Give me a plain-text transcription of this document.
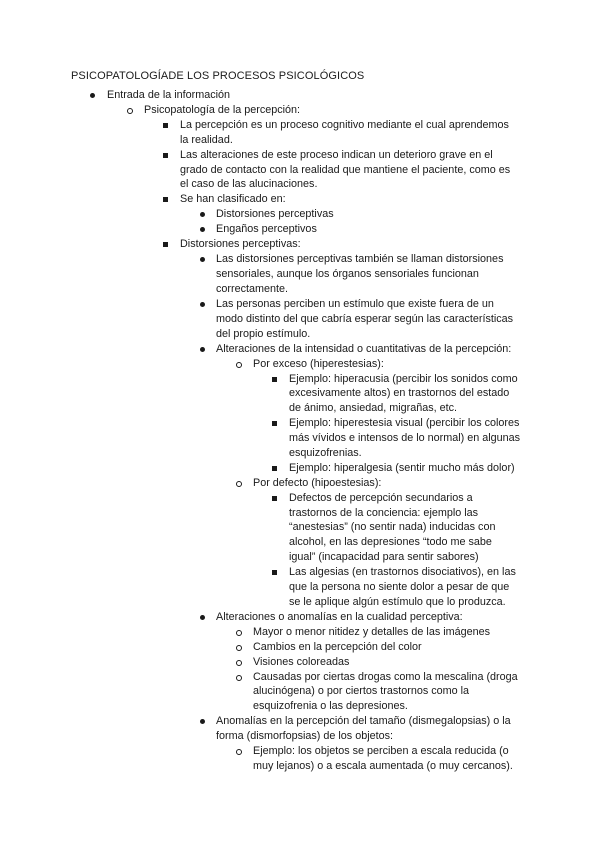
PSICOPATOLOGÍADE LOS PROCESOS PSICOLÓGICOS
Entrada de la información
Psicopatología de la percepción:
La percepción es un proceso cognitivo mediante el cual aprendemos
la realidad.
Las alteraciones de este proceso indican un deterioro grave en el
grado de contacto con la realidad que mantiene el paciente, como es
el caso de las alucinaciones.
Se han clasificado en:
Distorsiones perceptivas
Engaños perceptivos
Distorsiones perceptivas:
Las distorsiones perceptivas también se llaman distorsiones
sensoriales, aunque los órganos sensoriales funcionan
correctamente.
Las personas perciben un estímulo que existe fuera de un
modo distinto del que cabría esperar según las características
del propio estímulo.
Alteraciones de la intensidad o cuantitativas de la percepción:
Por exceso (hiperestesias):
Ejemplo: hiperacusia (percibir los sonidos como
excesivamente altos) en trastornos del estado
de ánimo, ansiedad, migrañas, etc.
Ejemplo: hiperestesia visual (percibir los colores
más vívidos e intensos de lo normal) en algunas
esquizofrenias.
Ejemplo: hiperalgesia (sentir mucho más dolor)
Por defecto (hipoestesias):
Defectos de percepción secundarios a
trastornos de la conciencia: ejemplo las
“anestesias” (no sentir nada) inducidas con
alcohol, en las depresiones “todo me sabe
igual” (incapacidad para sentir sabores)
Las algesias (en trastornos disociativos), en las
que la persona no siente dolor a pesar de que
se le aplique algún estímulo que lo produzca.
Alteraciones o anomalías en la cualidad perceptiva:
Mayor o menor nitidez y detalles de las imágenes
Cambios en la percepción del color
Visiones coloreadas
Causadas por ciertas drogas como la mescalina (droga
alucinógena) o por ciertos trastornos como la
esquizofrenia o las depresiones.
Anomalías en la percepción del tamaño (dismegalopsias) o la
forma (dismorfopsias) de los objetos:
Ejemplo: los objetos se perciben a escala reducida (o
muy lejanos) o a escala aumentada (o muy cercanos).
